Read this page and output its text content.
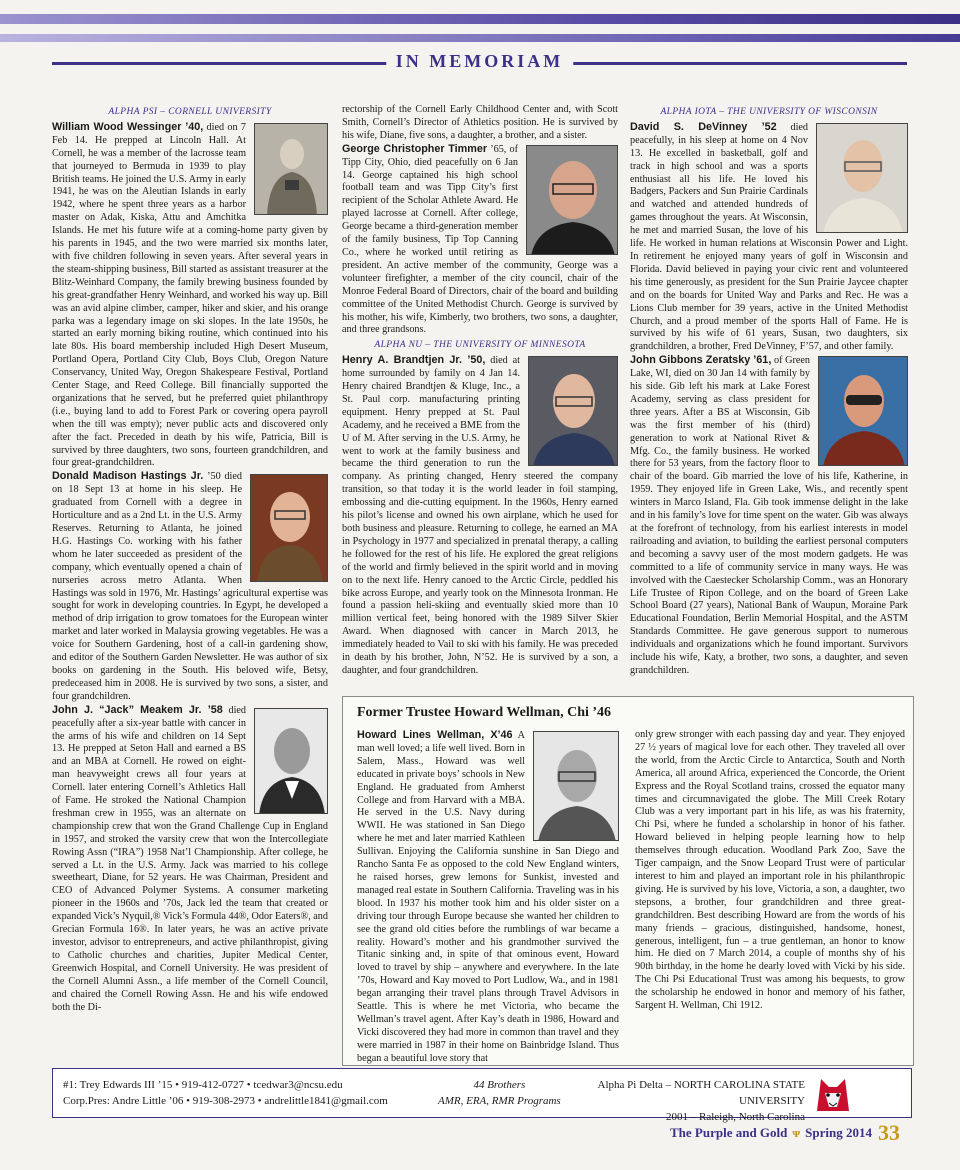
IN MEMORIAM
ALPHA PSI – CORNELL UNIVERSITY

William Wood Wessinger ’40, died on 7 Feb 14. He prepped at Lincoln Hall. At Cornell, he was a member of the lacrosse team that journeyed to Bermuda in 1939 to play British teams. He joined the U.S. Army in early 1941, he was on the Aleutian Islands in early 1942, where he spent three years as a harbor master on Adak, Kiska, Attu and Amchitka Islands. He met his future wife at a coming-home party given by his parents in 1945, and the two were married six months later, with five children following in seven years. After several years in the steam-shipping business, Bill started as assistant treasurer at the Blitz-Weinhard Company, the family brewing business founded by his great-grandfather Henry Weinhard, and worked his way up. Bill was an avid alpine climber, camper, hiker and skier, and his orange parka was a legendary image on ski slopes. In the late 1950s, he started an early morning biking routine, which continued into his late 80s. His board membership included High Desert Museum, Portland Opera, Portland City Club, Boys Club, Oregon Nature Conservancy, United Way, Oregon Shakespeare Festival, Portland Center Stage, and Reed College. Bill financially supported the organizations that he served, but he preferred quiet philanthropy (i.e., buying land to add to Forest Park or covering opera payroll when the till was empty); never public acts and discovered only after the fact. Preceded in death by his wife, Patricia, Bill is survived by three daughters, two sons, fourteen grandchildren, and four great-grandchildren.

Donald Madison Hastings Jr. ’50 died on 18 Sept 13 at home in his sleep. He graduated from Cornell with a degree in Horticulture and as a 2nd Lt. in the U.S. Army Reserves. Returning to Atlanta, he joined H.G. Hastings Co. working with his father whom he later succeeded as president of the company, which eventually opened a chain of nurseries across metro Atlanta. When Hastings was sold in 1976, Mr. Hastings’ agricultural expertise was sought for work in developing countries. In Egypt, he developed a method of drip irrigation to grow tomatoes for the European winter market and later worked in Malaysia growing vegetables. He was a voice for Southern Gardening, host of a call-in gardening show, and editor of the Southern Garden Newsletter. He was author of six books on gardening in the South. His beloved wife, Betsy, predeceased him in 2008. He is survived by two sons, a sister, and four grandchildren.

John J. “Jack” Meakem Jr. ’58 died peacefully after a six-year battle with cancer in the arms of his wife and children on 14 Sept 13. He prepped at Seton Hall and earned a BS and an MBA at Cornell. He rowed on eight-man heavyweight crews all four years at Cornell. later entering Cornell’s Athletics Hall of Fame. He stroked the National Champion freshman crew in 1955, was an alternate on championship crew that won the Grand Challenge Cup in England in 1957, and stroked the varsity crew that won the Intercollegiate Rowing Assn (“IRA”) 1958 Nat’l Championship. After college, he served a Lt. in the U.S. Army. Jack was married to his college sweetheart, Diane, for 52 years. He was Chairman, President and CEO of Advanced Polymer Systems. A consumer marketing pioneer in the 1960s and ’70s, Jack led the team that created or expanded Vick’s Nyquil,® Vick’s Formula 44®, Odor Eaters®, and Grecian Formula 16®. In later years, he was an active private investor, advisor to entrepreneurs, and active philanthropist, giving to Catholic churches and charities, Jupiter Medical Center, Greenwich Hospital, and Cornell University. He was president of the Cornell Alumni Assn., a life member of the Cornell Council, and chaired the Cornell Rowing Assn. He and his wife endowed both the Di-

rectorship of the Cornell Early Childhood Center and, with Scott Smith, Cornell’s Director of Athletics position. He is survived by his wife, Diane, five sons, a daughter, a brother, and a sister.

George Christopher Timmer ’65, of Tipp City, Ohio, died peacefully on 6 Jan 14. George captained his high school football team and was Tipp City’s first recipient of the Scholar Athlete Award. He played lacrosse at Cornell. After college, George became a third-generation member of the family business, Tip Top Canning Co., where he worked until retiring as president. An active member of the community, George was a volunteer firefighter, a member of the city council, chair of the Monroe Federal Board of Directors, chair of the board and building committee of the United Methodist Church. George is survived by his mother, his wife, Kimberly, two brothers, two sons, a daughter, and three grandsons.

ALPHA NU – THE UNIVERSITY OF MINNESOTA

Henry A. Brandtjen Jr. ’50, died at home surrounded by family on 4 Jan 14. Henry chaired Brandtjen & Kluge, Inc., a St. Paul corp. manufacturing printing equipment. Henry prepped at St. Paul Academy, and he received a BME from the U of M. After serving in the U.S. Army, he went to work at the family business and became the third generation to run the company. As printing changed, Henry steered the company transition, so that today it is the world leader in foil stamping, embossing and die-cutting equipment. In the 1960s, Henry earned his pilot’s license and owned his own airplane, which he used for both business and pleasure. Returning to college, he earned an MA in Psychology in 1977 and specialized in prenatal therapy, a calling he followed for the rest of his life. He explored the great religions of the world and firmly believed in the spirit world and in moving on to the next life. Henry canoed to the Arctic Circle, peddled his bike across Europe, and yearly took on the Minnesota Ironman. He found a passion heli-skiing and eventually skied more than 10 million vertical feet, being honored with the 1989 Silver Skier Award. When diagnosed with cancer in March 2013, he immediately headed to Vail to ski with his family. He was preceded in death by his brother, John, N’52. He is survived by a son, a daughter, and four grandchildren.

ALPHA IOTA – THE UNIVERSITY OF WISCONSIN

David S. DeVinney ’52 died peacefully, in his sleep at home on 4 Nov 13. He excelled in basketball, golf and track in high school and was a sports enthusiast all his life. He loved his Badgers, Packers and Sun Prairie Cardinals and watched and attended hundreds of games throughout the years. At Wisconsin, he met and married Susan, the love of his life. He worked in human relations at Wisconsin Power and Light. In retirement he enjoyed many years of golf in Wisconsin and Florida. David believed in paying your civic rent and volunteered his time generously, as president for the Sun Prairie Jaycee chapter and on the boards for United Way and Parks and Rec. He was a Lions Club member for 39 years, active in the United Methodist Church, and a proud member of the sports Hall of Fame. He is survived by his wife of 61 years, Susan, two daughters, six grandchildren, a brother, Fred DeVinney, F’57, and other family.

John Gibbons Zeratsky ’61, of Green Lake, WI, died on 30 Jan 14 with family by his side. Gib left his mark at Lake Forest Academy, serving as class president for three years. After a BS at Wisconsin, Gib was the first member of his (third) generation to work at National Rivet & Mfg. Co., the family business. He worked there for 53 years, from the factory floor to chair of the board. Gib married the love of his life, Katherine, in 1959. They enjoyed life in Green Lake, Wis., and recently spent winters in Marco Island, Fla. Gib took immense delight in the lake and in his family’s love for time spent on the water. Gib was always at the forefront of technology, from his earliest interests in model railroading and aviation, to building the earliest personal computers and becoming a savvy user of the most modern gadgets. He was committed to a life of community service in many ways. He was involved with the Caestecker Scholarship Comm., was an Honorary Life Trustee of Ripon College, and on the board of Green Lake School Board (27 years), National Bank of Waupun, Moraine Park Educational Foundation, Berlin Memorial Hospital, and the ASTM Standards Committee. He gave generous support to numerous individuals and organizations which he found important. Survivors include his wife, Katy, a brother, two sons, a daughter, and seven grandchildren.

Former Trustee Howard Wellman, Chi ’46

Howard Lines Wellman, X’46 A man well loved; a life well lived. Born in Salem, Mass., Howard was well educated in private boys’ schools in New England. He graduated from Amherst College and from Harvard with a MBA. He served in the U.S. Navy during WWII. He was stationed in San Diego where he met and later married Kathleen Sullivan. Enjoying the California sunshine in San Diego and Rancho Santa Fe as opposed to the cold New England winters, he raised horses, grew lemons for Sunkist, invested and managed real estate in Southern California. Traveling was in his blood. In 1937 his mother took him and his older sister on a driving tour through Europe because she wanted her children to see the grand old cities before the rumblings of war became a reality. Howard’s mother and his grandmother survived the Titanic sinking and, in spite of that ominous event, Howard loved to travel by ship – anywhere and everywhere. In the late ’70s, Howard and Kay moved to Port Ludlow, Wa., and in 1981 began arranging their travel plans through Travel Advisors in Seattle. This is where he met Victoria, who became the Wellman’s travel agent. After Kay’s death in 1986, Howard and Vicki discovered they had more in common than travel and they were married in 1987 in their home on Bainbridge Island. Thus began a beautiful love story that

only grew stronger with each passing day and year. They enjoyed 27 ½ years of magical love for each other. They traveled all over the world, from the Arctic Circle to Antarctica, South and North America, all around Africa, experienced the Concorde, the Orient Express and the Royal Scotland trains, crossed the equator many times and circumnavigated the globe. The Mill Creek Rotary Club was a very important part in his life, as was his fraternity, Chi Psi, where he funded a scholarship in honor of his father. Howard believed in helping people learning how to help themselves through education. Woodland Park Zoo, Save the Tiger campaign, and the Snow Leopard Trust were of particular interest to him and played an important role in his philanthropic giving. He is survived by his love, Victoria, a son, a daughter, two stepsons, a brother, four grandchildren and three great-grandchildren. Best describing Howard are from the words of his many friends – gracious, distinguished, handsome, honest, generous, intelligent, fun – a true gentleman, an honor to know him. He died on 7 March 2014, a couple of months shy of his 90th birthday, in the home he dearly loved with Vicki by his side. The Chi Psi Educational Trust was among his bequests, to grow the scholarship he endowed in honor and memory of his father, Sargent H. Wellman, Chi 1912.

#1: Trey Edwards III ’15 • 919-412-0727 • tcedwar3@ncsu.edu
Corp.Pres: Andre Little ’06 • 919-308-2973 • andrelittle1841@gmail.com
44 Brothers
AMR, ERA, RMR Programs
Alpha Pi Delta – NORTH CAROLINA STATE UNIVERSITY
2001 – Raleigh, North Carolina
The Purple and Gold ᴪ Spring 2014 33
